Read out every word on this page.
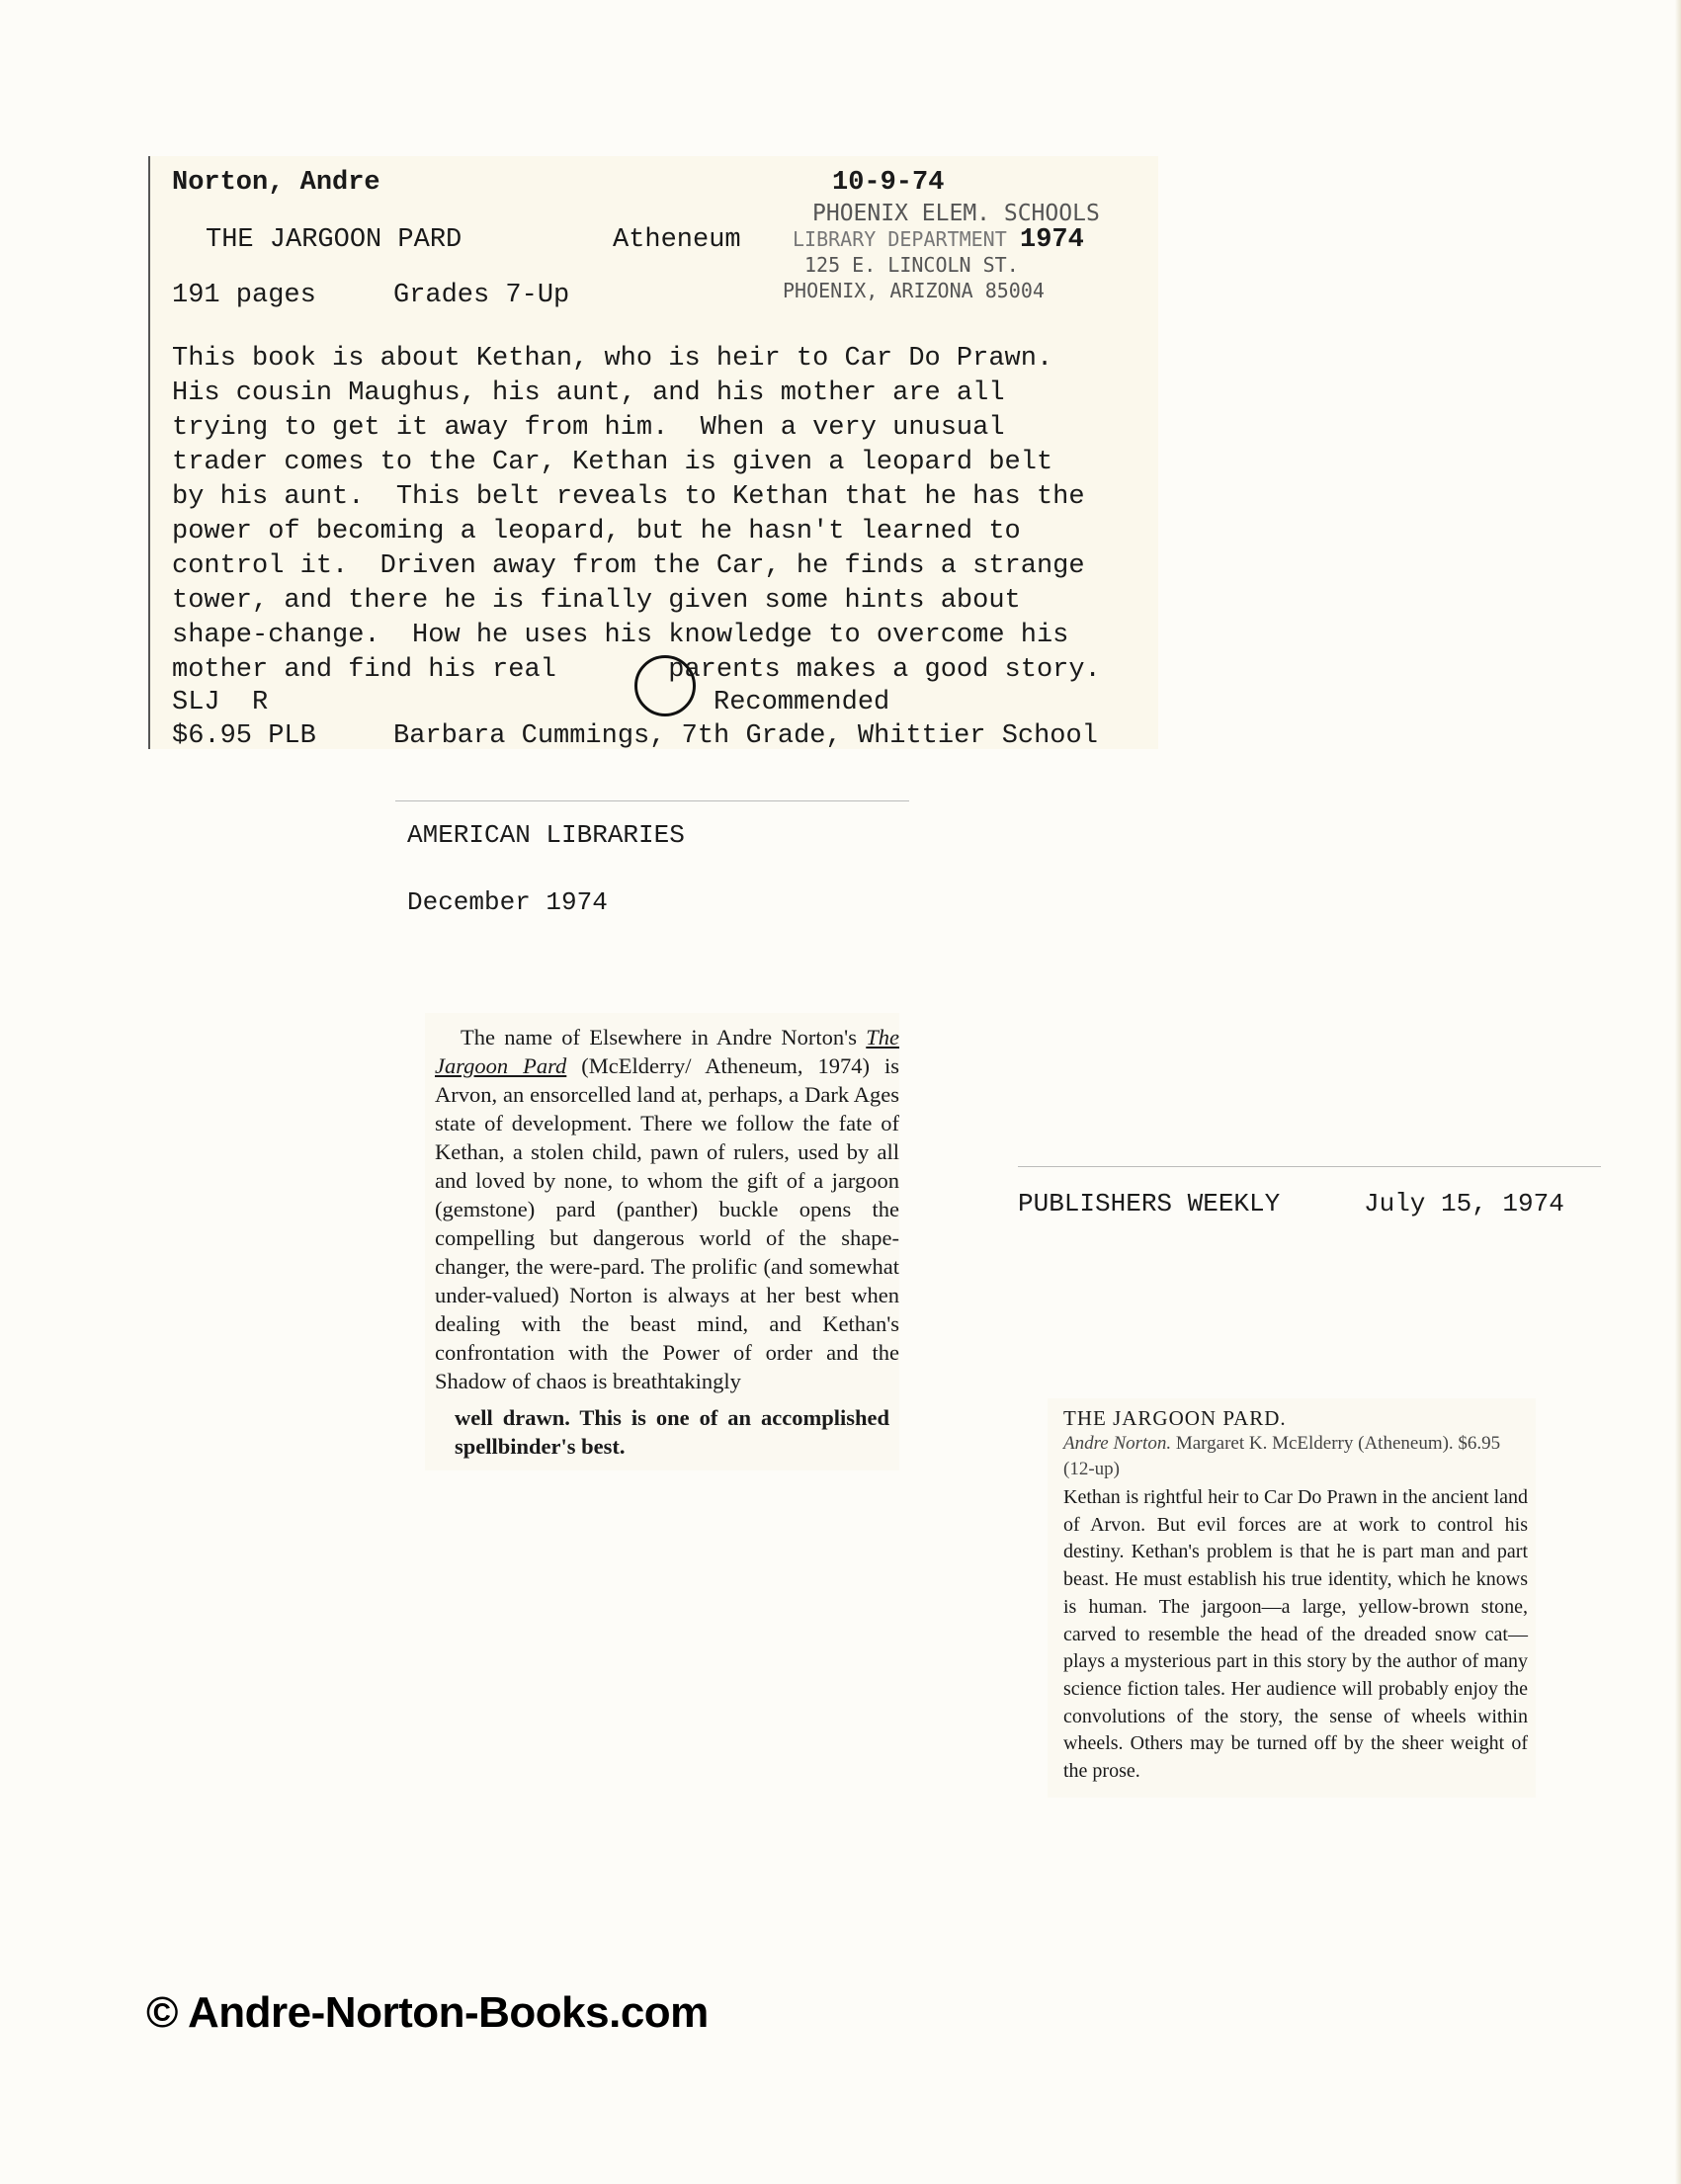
Norton, Andre	10-9-74
THE JARGOON PARD	Atheneum	1974
191 pages	Grades 7-Up
PHOENIX ELEM. SCHOOLS
LIBRARY DEPARTMENT
125 E. LINCOLN ST.
PHOENIX, ARIZONA 85004
This book is about Kethan, who is heir to Car Do Prawn.
His cousin Maughus, his aunt, and his mother are all
trying to get it away from him.  When a very unusual
trader comes to the Car, Kethan is given a leopard belt
by his aunt.  This belt reveals to Kethan that he has the
power of becoming a leopard, but he hasn't learned to
control it.  Driven away from the Car, he finds a strange
tower, and there he is finally given some hints about
shape-change.  How he uses his knowledge to overcome his
mother and find his real       parents makes a good story.
SLJ  R	Recommended
$6.95 PLB	Barbara Cummings, 7th Grade, Whittier School
AMERICAN LIBRARIES
December 1974

The name of Elsewhere in Andre Norton's The Jargoon Pard (McElderry/ Atheneum, 1974) is Arvon, an ensorcelled land at, perhaps, a Dark Ages state of development. There we follow the fate of Kethan, a stolen child, pawn of rulers, used by all and loved by none, to whom the gift of a jargoon (gemstone) pard (panther) buckle opens the compelling but dangerous world of the shape-changer, the were-pard. The prolific (and somewhat under-valued) Norton is always at her best when dealing with the beast mind, and Kethan's confrontation with the Power of order and the Shadow of chaos is breathtakingly

well drawn. This is one of an accomplished spellbinder's best.

PUBLISHERS WEEKLY	July 15, 1974
THE JARGOON PARD.
Andre Norton. Margaret K. McElderry (Atheneum). $6.95 (12-up)

Kethan is rightful heir to Car Do Prawn in the ancient land of Arvon. But evil forces are at work to control his destiny. Kethan's problem is that he is part man and part beast. He must establish his true identity, which he knows is human. The jargoon—a large, yellow-brown stone, carved to resemble the head of the dreaded snow cat—plays a mysterious part in this story by the author of many science fiction tales. Her audience will probably enjoy the convolutions of the story, the sense of wheels within wheels. Others may be turned off by the sheer weight of the prose.

© Andre-Norton-Books.com
